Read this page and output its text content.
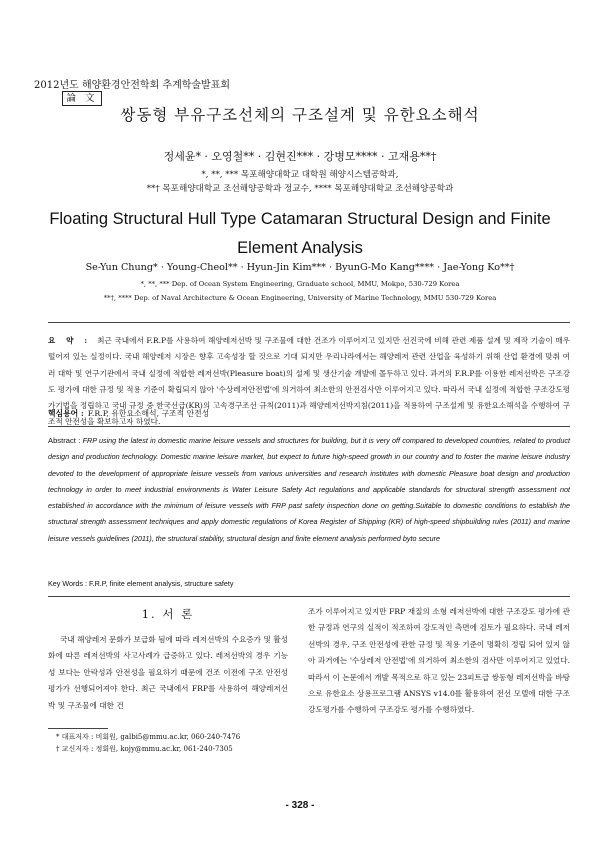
2012년도 해양환경안전학회 추계학술발표회
論 文
쌍동형 부유구조선체의 구조설계 및 유한요소해석
정세윤* · 오영철** · 김현진*** · 강병모**** · 고재용**†
*, **, *** 목포해양대학교 대학원 해양시스템공학과,
**† 목포해양대학교 조선해양공학과 정교수, **** 목포해양대학교 조선해양공학과
Floating Structural Hull Type Catamaran Structural Design and Finite Element Analysis
Se-Yun Chung* · Young-Cheol** · Hyun-Jin Kim*** · ByunG-Mo Kang**** · Jae-Yong Ko**†
*, **, *** Dep. of Ocean System Engineering, Graduate school, MMU, Mokpo, 530-729 Korea
**†, **** Dep. of Naval Architecture & Ocean Engineering, University of Marine Technology, MMU 530-729 Korea
요 약 : 최근 국내에서 F.R.P를 사용하여 해양레저선박 및 구조물에 대한 건조가 이루어지고 있지만 선진국에 비해 관련 제품 설계 및 제작 기술이 매우 떨어져 있는 실정이다. 국내 해양레저 시장은 향후 고속성장 할 것으로 기대 되지만 우리나라에서는 해양레저 관련 산업을 육성하기 위해 산업 환경에 맞춰 여러 대학 및 연구기관에서 국내 실정에 적합한 레저선박(Pleasure boat)의 설계 및 생산기술 개발에 몰두하고 있다. 과거의 F.R.P를 이용한 레저선박은 구조강도 평가에 대한 규정 및 적용 기준이 확립되지 않아 '수상레저안전법'에 의거하여 최소한의 안전검사만 이루어지고 있다. 따라서 국내 실정에 적합한 구조강도평가기법을 정립하고 국내 규정 중 한국선급(KR)의 고속경구조선 규칙(2011)과 해양레저선박지침(2011)을 적용하여 구조설계 및 유한요소해석을 수행하여 구조적 안전성을 확보하고자 하였다.
핵심용어 : F.R.P, 유한요소해석, 구조적 안전성
Abstract : FRP using the latest in domestic marine leisure vessels and structures for building, but it is very off compared to developed countries, related to product design and production technology. Domestic marine leisure market, but expect to future high-speed growth in our country and to foster the marine leisure industry devoted to the development of appropriate leisure vessels from various universities and research institutes with domestic Pleasure boat design and production technology in order to meet industrial environments is Water Leisure Safety Act regulations and applicable standards for structural strength assessment not established in accordance with the minimum of leisure vessels with FRP past safety inspection done on getting.Suitable to domestic conditions to establish the structural strength assessment techniques and apply domestic regulations of Korea Register of Shipping (KR) of high-speed shipbuilding rules (2011) and marine leisure vessels guidelines (2011), the structural stability, structural design and finite element analysis performed byto secure
Key Words : F.R.P, finite element analysis, structure safety
1. 서 론
국내 해양레저 문화가 보급화 됨에 따라 레저선박의 수요증가 및 활성화에 따른 레저선박의 사고사례가 급증하고 있다. 레저선박의 경우 기능성 보다는 안락성과 안전성을 필요하기 때문에 건조 이전에 구조 안전성 평가가 선행되어져야 한다. 최근 국내에서 FRP를 사용하여 해양레저선박 및 구조물에 대한 건
조가 이루어지고 있지만 FRP 재질의 소형 레저선박에 대한 구조강도 평가에 관한 규정과 연구의 실적이 적조하여 강도적인 측면에 검토가 필요하다. 국내 레저선박의 경우, 구조 안전성에 관한 규정 및 적용 기준이 명확히 정립 되어 있지 않아 과거에는 '수상레저 안전법'에 의거하여 최소한의 검사만 이루어지고 있었다. 따라서 이 논문에서 개발 목적으로 하고 있는 23피트급 쌍동형 레저선박을 바탕으로 유한요소 상용프로그램 ANSYS v14.0를 활용하여 전선 모델에 대한 구조강도평가를 수행하여 구조강도 평가를 수행하였다.
* 대표저자 : 비회원, galbi5@mmu.ac.kr, 060-240-7476
† 교신저자 : 정회원, kojy@mmu.ac.kr, 061-240-7305
- 328 -
